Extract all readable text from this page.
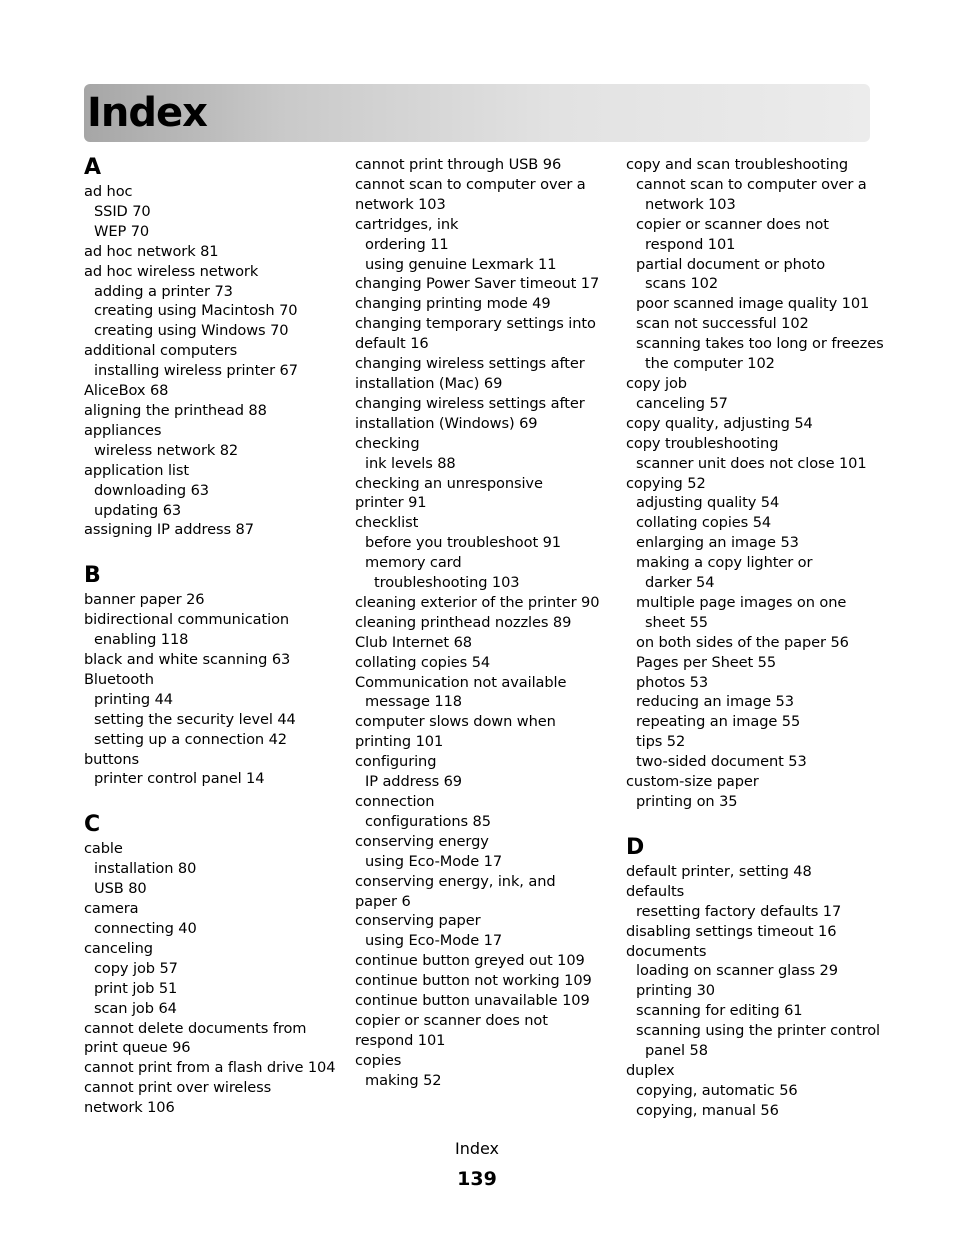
Index
A
ad hoc
SSID 70
WEP 70
ad hoc network 81
ad hoc wireless network
adding a printer 73
creating using Macintosh 70
creating using Windows 70
additional computers
installing wireless printer 67
AliceBox 68
aligning the printhead 88
appliances
wireless network 82
application list
downloading 63
updating 63
assigning IP address 87
B
banner paper 26
bidirectional communication
enabling 118
black and white scanning 63
Bluetooth
printing 44
setting the security level 44
setting up a connection 42
buttons
printer control panel 14
C
cable
installation 80
USB 80
camera
connecting 40
canceling
copy job 57
print job 51
scan job 64
cannot delete documents from
print queue 96
cannot print from a flash drive 104
cannot print over wireless
network 106
cannot print through USB 96
cannot scan to computer over a
network 103
cartridges, ink
ordering 11
using genuine Lexmark 11
changing Power Saver timeout 17
changing printing mode 49
changing temporary settings into
default 16
changing wireless settings after
installation (Mac) 69
changing wireless settings after
installation (Windows) 69
checking
ink levels 88
checking an unresponsive
printer 91
checklist
before you troubleshoot 91
memory card
troubleshooting 103
cleaning exterior of the printer 90
cleaning printhead nozzles 89
Club Internet 68
collating copies 54
Communication not available
message 118
computer slows down when
printing 101
configuring
IP address 69
connection
configurations 85
conserving energy
using Eco-Mode 17
conserving energy, ink, and
paper 6
conserving paper
using Eco-Mode 17
continue button greyed out 109
continue button not working 109
continue button unavailable 109
copier or scanner does not
respond 101
copies
making 52
copy and scan troubleshooting
cannot scan to computer over a
network 103
copier or scanner does not
respond 101
partial document or photo
scans 102
poor scanned image quality 101
scan not successful 102
scanning takes too long or freezes
the computer 102
copy job
canceling 57
copy quality, adjusting 54
copy troubleshooting
scanner unit does not close 101
copying 52
adjusting quality 54
collating copies 54
enlarging an image 53
making a copy lighter or
darker 54
multiple page images on one
sheet 55
on both sides of the paper 56
Pages per Sheet 55
photos 53
reducing an image 53
repeating an image 55
tips 52
two-sided document 53
custom-size paper
printing on 35
D
default printer, setting 48
defaults
resetting factory defaults 17
disabling settings timeout 16
documents
loading on scanner glass 29
printing 30
scanning for editing 61
scanning using the printer control
panel 58
duplex
copying, automatic 56
copying, manual 56
Index
139
